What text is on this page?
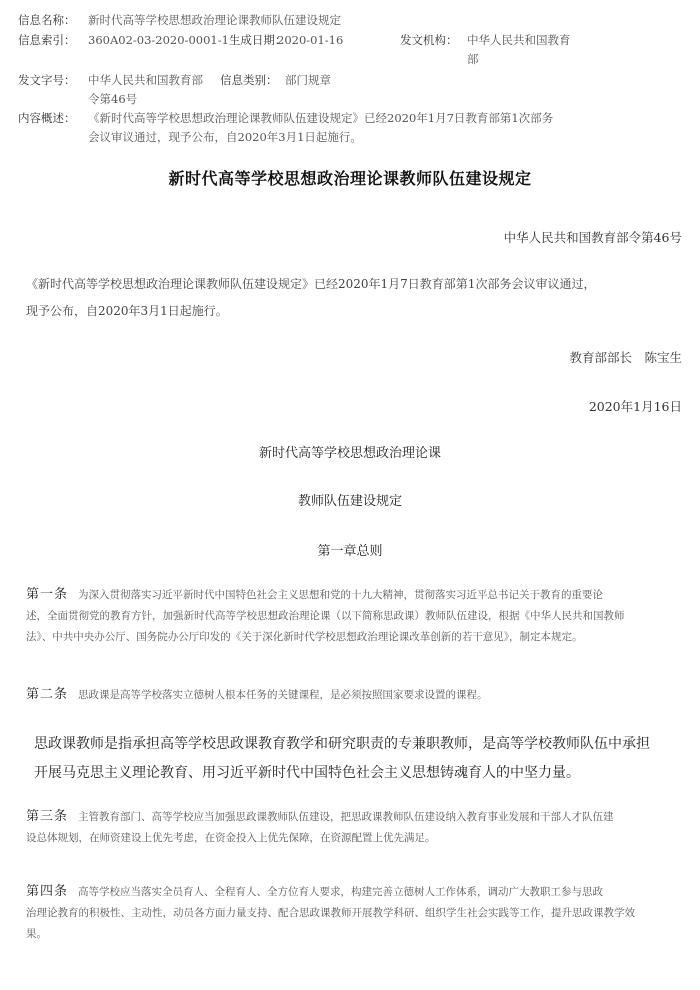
信息名称： 新时代高等学校思想政治理论课教师队伍建设规定
信息索引： 360A02-03-2020-0001-1生成日期：
2020-01-16	发文机构： 中华人民共和国教育
部
发文字号： 中华人民共和国教育部 信息类别： 部门规章
令第46号
内容概述： 《新时代高等学校思想政治理论课教师队伍建设规定》已经2020年1月7日教育部第1次部务
会议审议通过，现予公布，自2020年3月1日起施行。
新时代高等学校思想政治理论课教师队伍建设规定
中华人民共和国教育部令第46号
《新时代高等学校思想政治理论课教师队伍建设规定》已经2020年1月7日教育部第1次部务会议审议通过，
现予公布，自2020年3月1日起施行。
教育部部长　陈宝生
2020年1月16日
新时代高等学校思想政治理论课
教师队伍建设规定
第一章总则
第一条 为深入贯彻落实习近平新时代中国特色社会主义思想和党的十九大精神，贯彻落实习近平总书记关于教育的重要论
述，全面贯彻党的教育方针，加强新时代高等学校思想政治理论课（以下简称思政课）教师队伍建设，根据《中华人民共和国教师
法》、中共中央办公厅、国务院办公厅印发的《关于深化新时代学校思想政治理论课改革创新的若干意见》，制定本规定。
第二条 思政课是高等学校落实立德树人根本任务的关键课程，是必须按照国家要求设置的课程。
思政课教师是指承担高等学校思政课教育教学和研究职责的专兼职教师，是高等学校教师队伍中承担
开展马克思主义理论教育、用习近平新时代中国特色社会主义思想铸魂育人的中坚力量。
第三条 主管教育部门、高等学校应当加强思政课教师队伍建设，把思政课教师队伍建设纳入教育事业发展和干部人才队伍建
设总体规划，在师资建设上优先考虑，在资金投入上优先保障，在资源配置上优先满足。
第四条 高等学校应当落实全员育人、全程育人、全方位育人要求，构建完善立德树人工作体系，调动广大教职工参与思政
治理论教育的积极性、主动性，动员各方面力量支持、配合思政课教师开展教学科研、组织学生社会实践等工作，提升思政课教学效
果。
